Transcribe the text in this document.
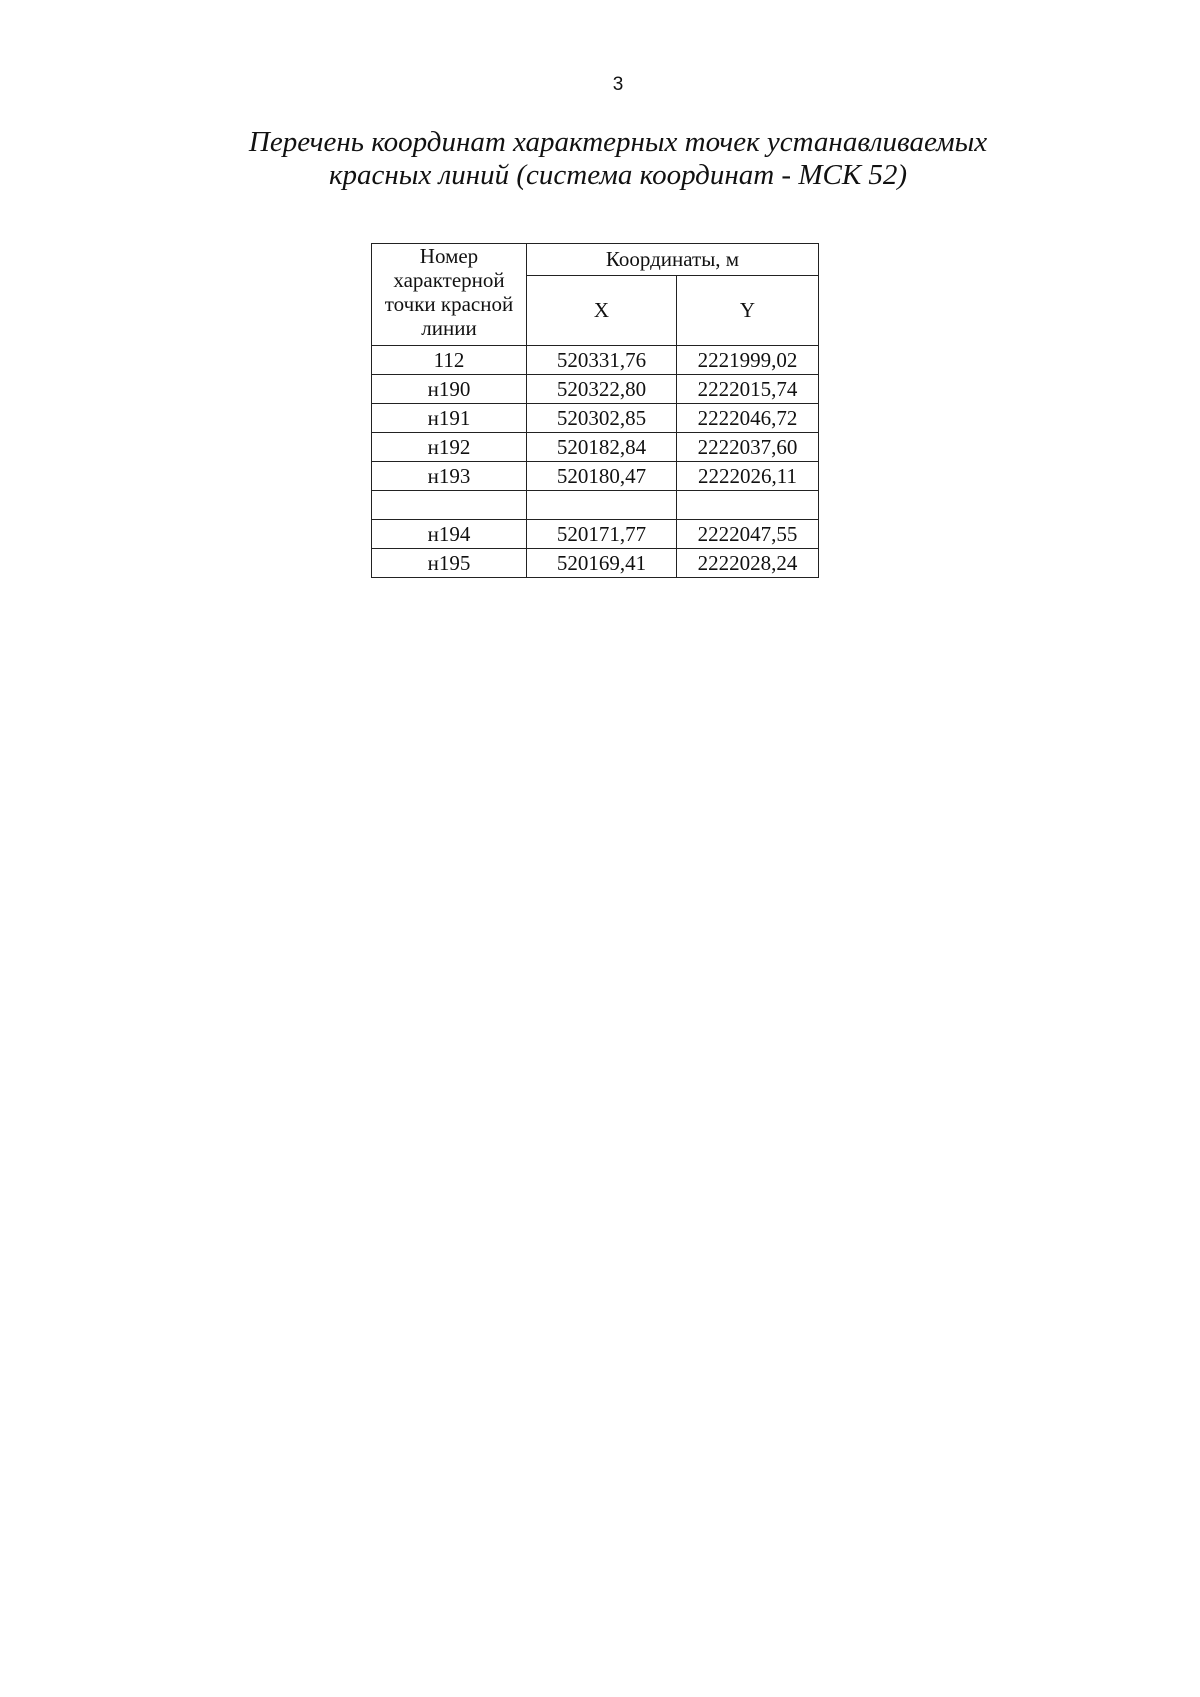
3
Перечень координат характерных точек устанавливаемых
красных линий (система координат - МСК 52)
Номер характерной точки красной линии	Координаты, м	
	X	Y
112	520331,76	2221999,02
н190	520322,80	2222015,74
н191	520302,85	2222046,72
н192	520182,84	2222037,60
н193	520180,47	2222026,11

н194	520171,77	2222047,55
н195	520169,41	2222028,24
